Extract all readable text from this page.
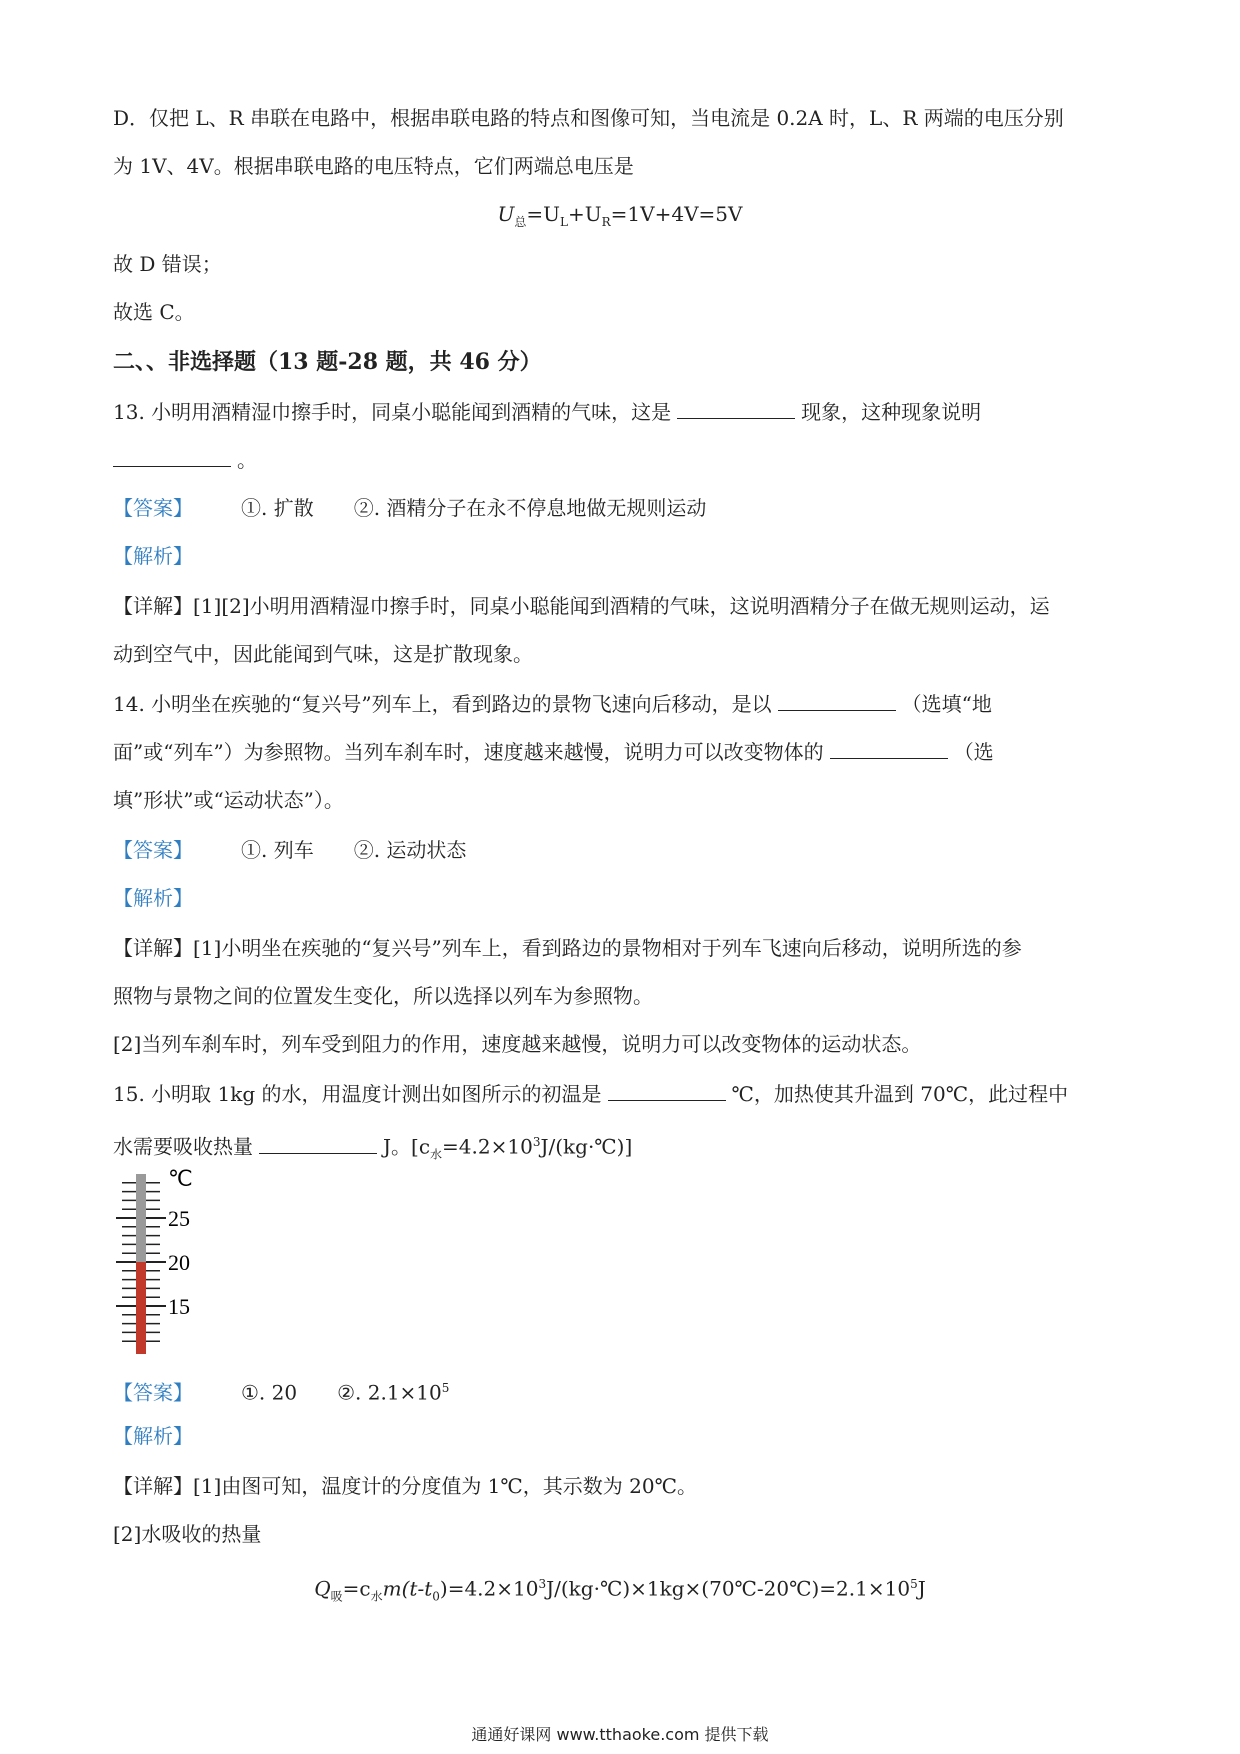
D．仅把 L、R 串联在电路中，根据串联电路的特点和图像可知，当电流是 0.2A 时，L、R 两端的电压分别
为 1V、4V。根据串联电路的电压特点，它们两端总电压是
$U_总=U_L+U_R=1V+4V=5V$
故 D 错误；
故选 C。
二、、非选择题（13 题-28 题，共 46 分）
13. 小明用酒精湿巾擦手时，同桌小聪能闻到酒精的气味，这是	现象，这种现象说明
。
【答案】 ①. 扩散 ②. 酒精分子在永不停息地做无规则运动
【解析】
【详解】[1][2]小明用酒精湿巾擦手时，同桌小聪能闻到酒精的气味，这说明酒精分子在做无规则运动，运
动到空气中，因此能闻到气味，这是扩散现象。
14. 小明坐在疾驰的“复兴号”列车上，看到路边的景物飞速向后移动，是以	（选填“地
面”或“列车”）为参照物。当列车刹车时，速度越来越慢，说明力可以改变物体的	（选
填”形状”或“运动状态”）。
【答案】 ①. 列车 ②. 运动状态
【解析】
【详解】[1]小明坐在疾驰的“复兴号”列车上，看到路边的景物相对于列车飞速向后移动，说明所选的参
照物与景物之间的位置发生变化，所以选择以列车为参照物。
[2]当列车刹车时，列车受到阻力的作用，速度越来越慢，说明力可以改变物体的运动状态。
15. 小明取 1kg 的水，用温度计测出如图所示的初温是	℃，加热使其升温到 70℃，此过程中
水需要吸收热量	J。$[c_水=4.2\times 10^3J/(kg\cdot℃)]$
℃
25
20
15
【答案】 ①. 20 ②. $2.1\times 10^5$
【解析】
【详解】[1]由图可知，温度计的分度值为 1℃，其示数为 20℃。
[2]水吸收的热量
$Q_吸=c_水m(t-t_0)=4.2\times 10^3J/(kg\cdot℃)\times 1kg\times(70℃-20℃)=2.1\times 10^5J$
通通好课网 www.tthaoke.com 提供下载
